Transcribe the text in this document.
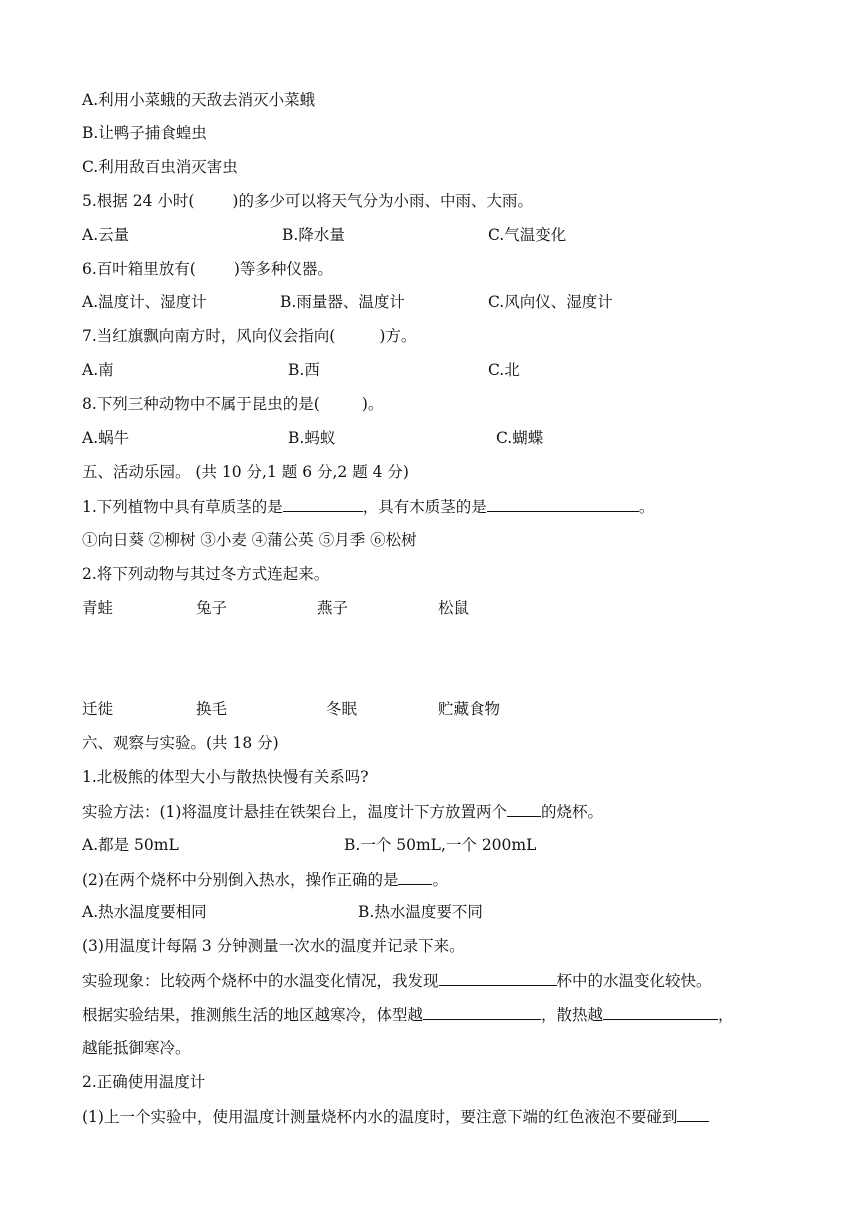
A.利用小菜蛾的天敌去消灭小菜蛾
B.让鸭子捕食蝗虫
C.利用敌百虫消灭害虫
5.根据 24 小时( )的多少可以将天气分为小雨、中雨、大雨。
A.云量	B.降水量	C.气温变化
6.百叶箱里放有( )等多种仪器。
A.温度计、湿度计	B.雨量器、温度计	C.风向仪、湿度计
7.当红旗飘向南方时，风向仪会指向(	)方。
A.南	B.西	C.北
8.下列三种动物中不属于昆虫的是(	)。
A.蜗牛	B.蚂蚁	C.蝴蝶
五、活动乐园。 (共 10 分,1 题 6 分,2 题 4 分)
1.下列植物中具有草质茎的是	，具有木质茎的是	。
①向日葵 ②柳树 ③小麦 ④蒲公英 ⑤月季 ⑥松树
2.将下列动物与其过冬方式连起来。
青蛙	兔子	燕子	松鼠
迁徙	换毛	冬眠	贮藏食物
六、观察与实验。(共 18 分)
1.北极熊的体型大小与散热快慢有关系吗?
实验方法：(1)将温度计悬挂在铁架台上，温度计下方放置两个 的烧杯。
A.都是 50mL	B.一个 50mL,一个 200mL
(2)在两个烧杯中分别倒入热水，操作正确的是 。
A.热水温度要相同	B.热水温度要不同
(3)用温度计每隔 3 分钟测量一次水的温度并记录下来。
实验现象：比较两个烧杯中的水温变化情况，我发现	杯中的水温变化较快。
根据实验结果，推测熊生活的地区越寒冷，体型越	，散热越	，
越能抵御寒冷。
2.正确使用温度计
(1)上一个实验中，使用温度计测量烧杯内水的温度时，要注意下端的红色液泡不要碰到
